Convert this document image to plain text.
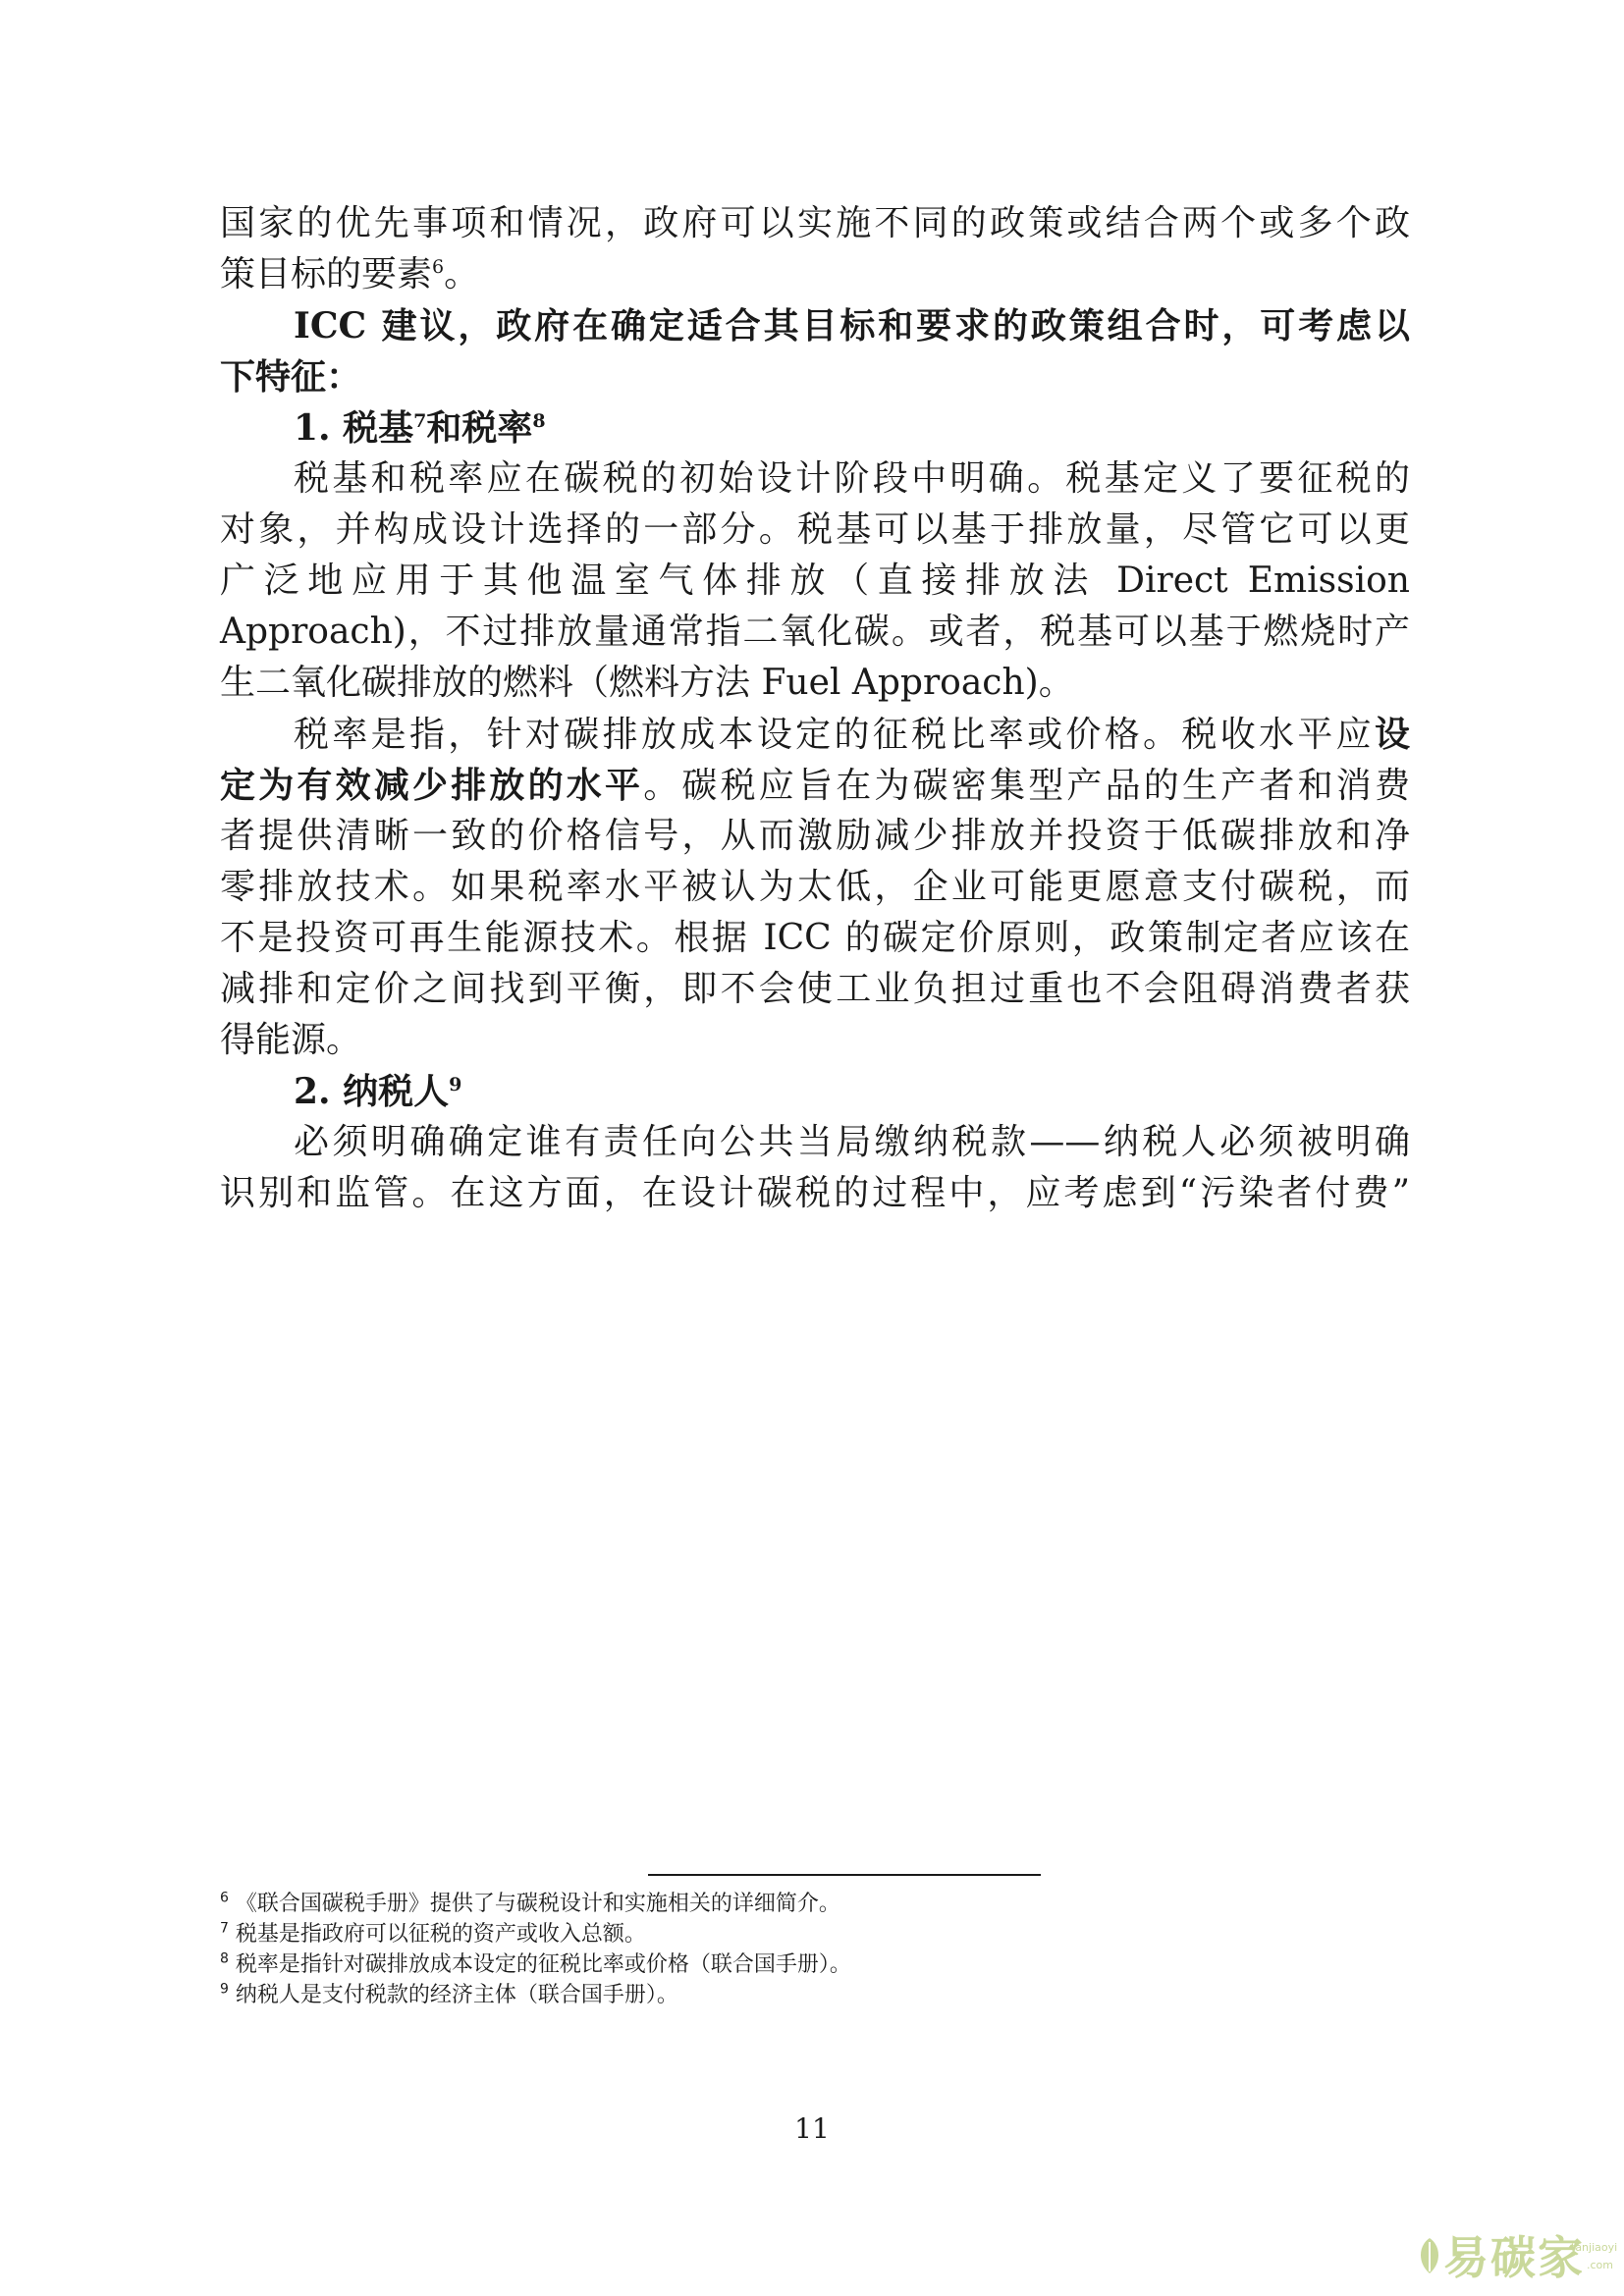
国家的优先事项和情况，政府可以实施不同的政策或结合两个或多个政

策目标的要素$^6$。

ICC 建议，政府在确定适合其目标和要求的政策组合时，可考虑以

下特征：

1. 税基$^7$和税率$^8$

税基和税率应在碳税的初始设计阶段中明确。税基定义了要征税的

对象，并构成设计选择的一部分。税基可以基于排放量，尽管它可以更

广泛地应用于其他温室气体排放（直接排放法 Direct Emission

Approach)，不过排放量通常指二氧化碳。或者，税基可以基于燃烧时产

生二氧化碳排放的燃料（燃料方法 Fuel Approach)。

税率是指，针对碳排放成本设定的征税比率或价格。税收水平应设

定为有效减少排放的水平。碳税应旨在为碳密集型产品的生产者和消费

者提供清晰一致的价格信号，从而激励减少排放并投资于低碳排放和净

零排放技术。如果税率水平被认为太低，企业可能更愿意支付碳税，而

不是投资可再生能源技术。根据 ICC 的碳定价原则，政策制定者应该在

减排和定价之间找到平衡，即不会使工业负担过重也不会阻碍消费者获

得能源。

2. 纳税人$^9$

必须明确确定谁有责任向公共当局缴纳税款——纳税人必须被明确

识别和监管。在这方面，在设计碳税的过程中，应考虑到“污染者付费”

$^6$ 《联合国碳税手册》提供了与碳税设计和实施相关的详细简介。
$^7$ 税基是指政府可以征税的资产或收入总额。
$^8$ 税率是指针对碳排放成本设定的征税比率或价格（联合国手册）。
$^9$ 纳税人是支付税款的经济主体（联合国手册）。
11
易碳家
tanjiaoyi
.com
